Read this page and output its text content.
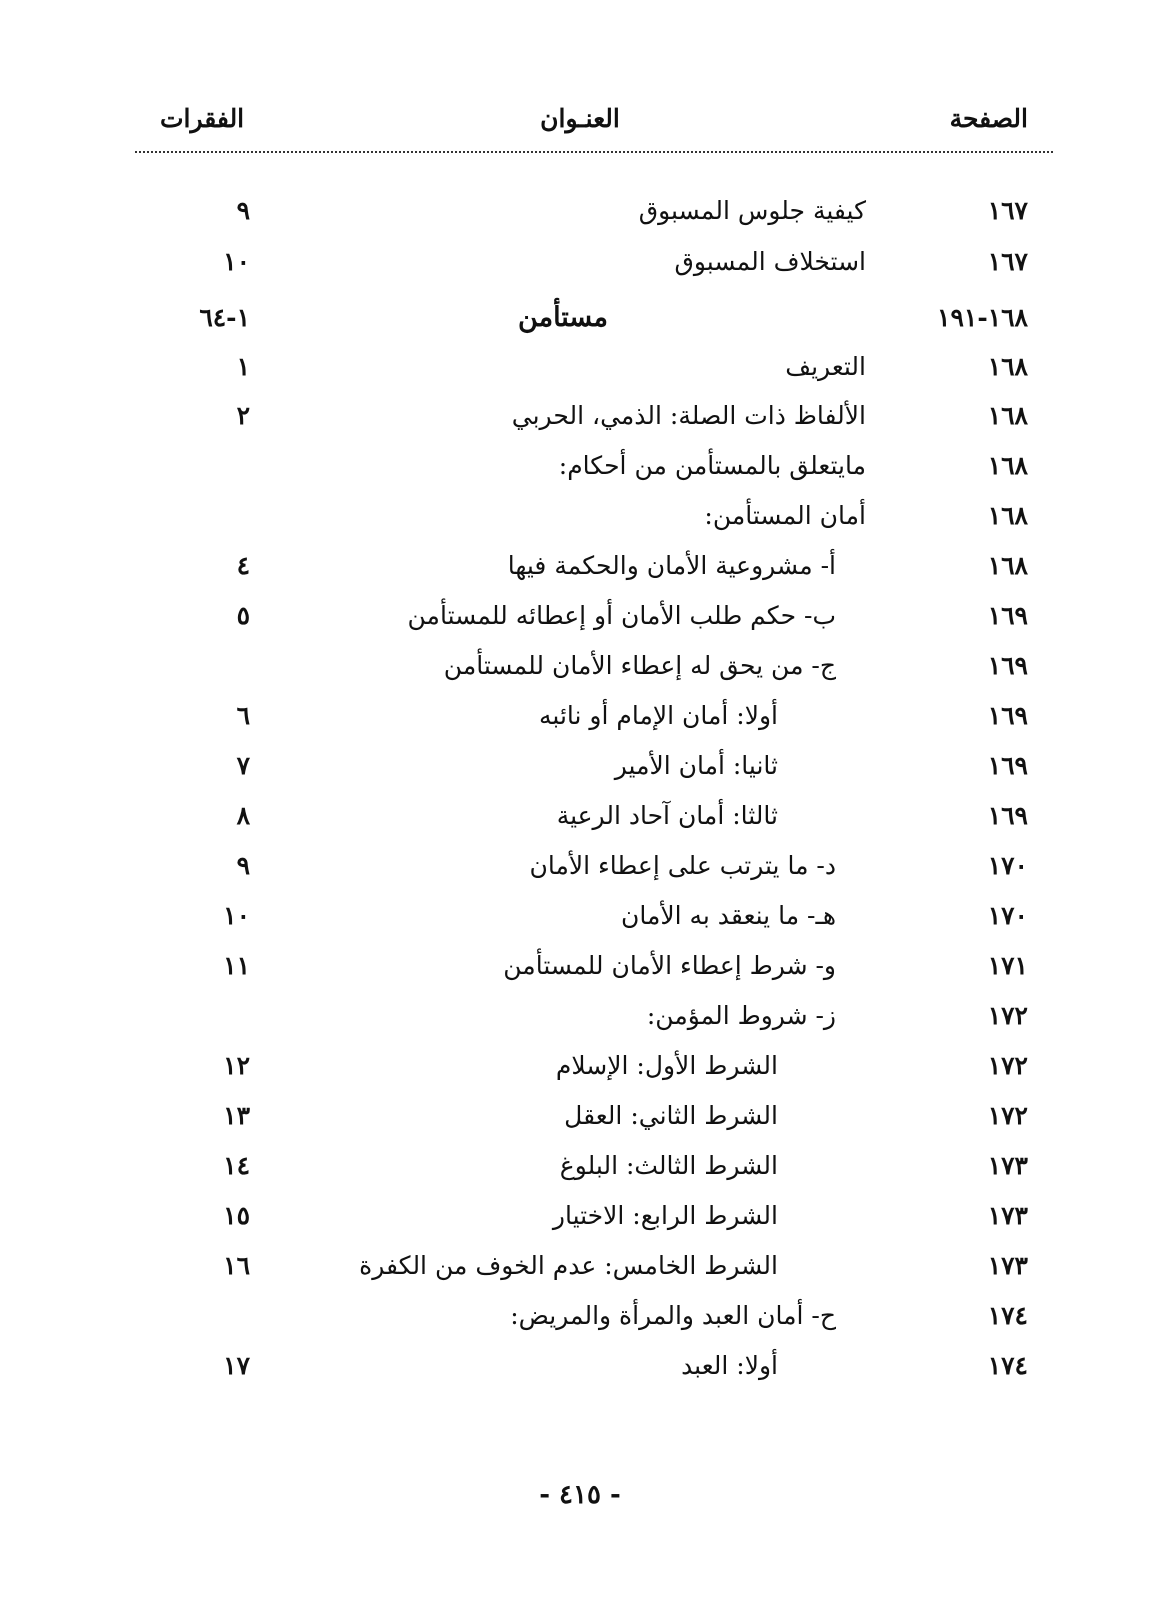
الصفحة
العنـوان
الفقرات
١٦٧
كيفية جلوس المسبوق
٩
١٦٧
استخلاف المسبوق
١٠
١٦٨-١٩١
مستأمن
١-٦٤
١٦٨
التعريف
١
١٦٨
الألفاظ ذات الصلة: الذمي، الحربي
٢
١٦٨
مايتعلق بالمستأمن من أحكام:
١٦٨
أمان المستأمن:
١٦٨
أ- مشروعية الأمان والحكمة فيها
٤
١٦٩
ب- حكم طلب الأمان أو إعطائه للمستأمن
٥
١٦٩
ج- من يحق له إعطاء الأمان للمستأمن
١٦٩
أولا: أمان الإمام أو نائبه
٦
١٦٩
ثانيا: أمان الأمير
٧
١٦٩
ثالثا: أمان آحاد الرعية
٨
١٧٠
د- ما يترتب على إعطاء الأمان
٩
١٧٠
هـ- ما ينعقد به الأمان
١٠
١٧١
و- شرط إعطاء الأمان للمستأمن
١١
١٧٢
ز- شروط المؤمن:
١٧٢
الشرط الأول: الإسلام
١٢
١٧٢
الشرط الثاني: العقل
١٣
١٧٣
الشرط الثالث: البلوغ
١٤
١٧٣
الشرط الرابع: الاختيار
١٥
١٧٣
الشرط الخامس: عدم الخوف من الكفرة
١٦
١٧٤
ح- أمان العبد والمرأة والمريض:
١٧٤
أولا: العبد
١٧
- ٤١٥ -
